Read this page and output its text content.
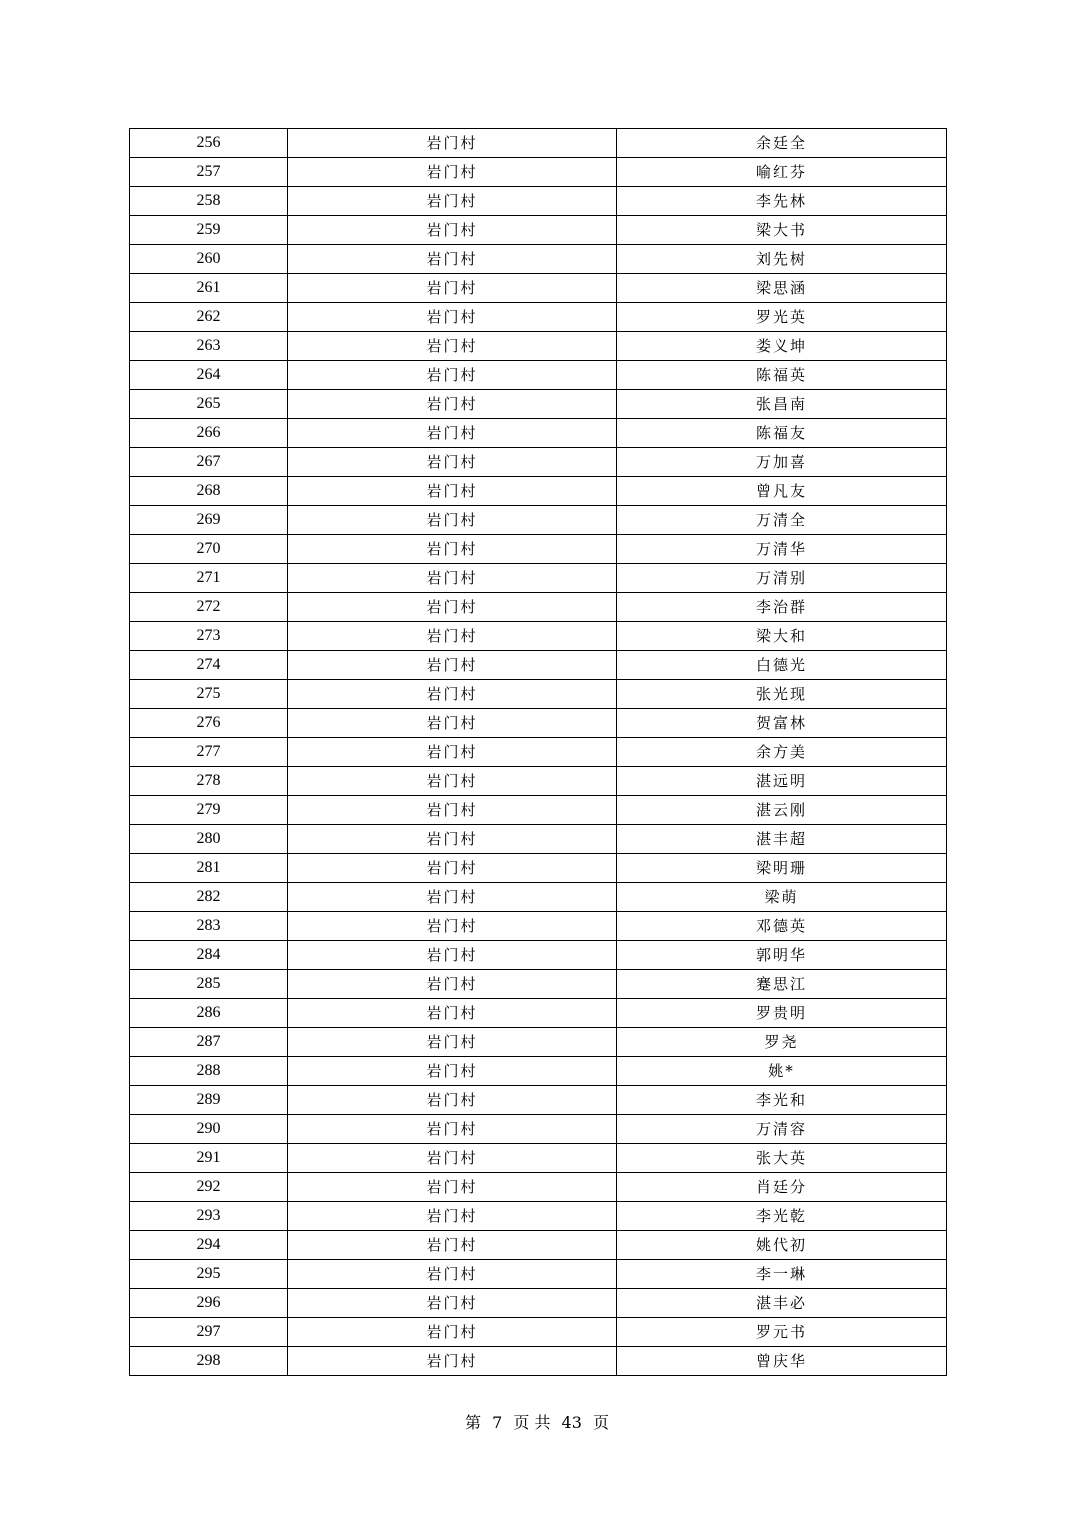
256	岩门村	余廷全
257	岩门村	喻红芬
258	岩门村	李先林
259	岩门村	梁大书
260	岩门村	刘先树
261	岩门村	梁思涵
262	岩门村	罗光英
263	岩门村	娄义坤
264	岩门村	陈福英
265	岩门村	张昌南
266	岩门村	陈福友
267	岩门村	万加喜
268	岩门村	曾凡友
269	岩门村	万清全
270	岩门村	万清华
271	岩门村	万清别
272	岩门村	李治群
273	岩门村	梁大和
274	岩门村	白德光
275	岩门村	张光现
276	岩门村	贺富林
277	岩门村	余方美
278	岩门村	湛远明
279	岩门村	湛云刚
280	岩门村	湛丰超
281	岩门村	梁明珊
282	岩门村	梁萌
283	岩门村	邓德英
284	岩门村	郭明华
285	岩门村	蹇思江
286	岩门村	罗贵明
287	岩门村	罗尧
288	岩门村	姚*
289	岩门村	李光和
290	岩门村	万清容
291	岩门村	张大英
292	岩门村	肖廷分
293	岩门村	李光乾
294	岩门村	姚代初
295	岩门村	李一琳
296	岩门村	湛丰必
297	岩门村	罗元书
298	岩门村	曾庆华
第 7 页 共 43 页
